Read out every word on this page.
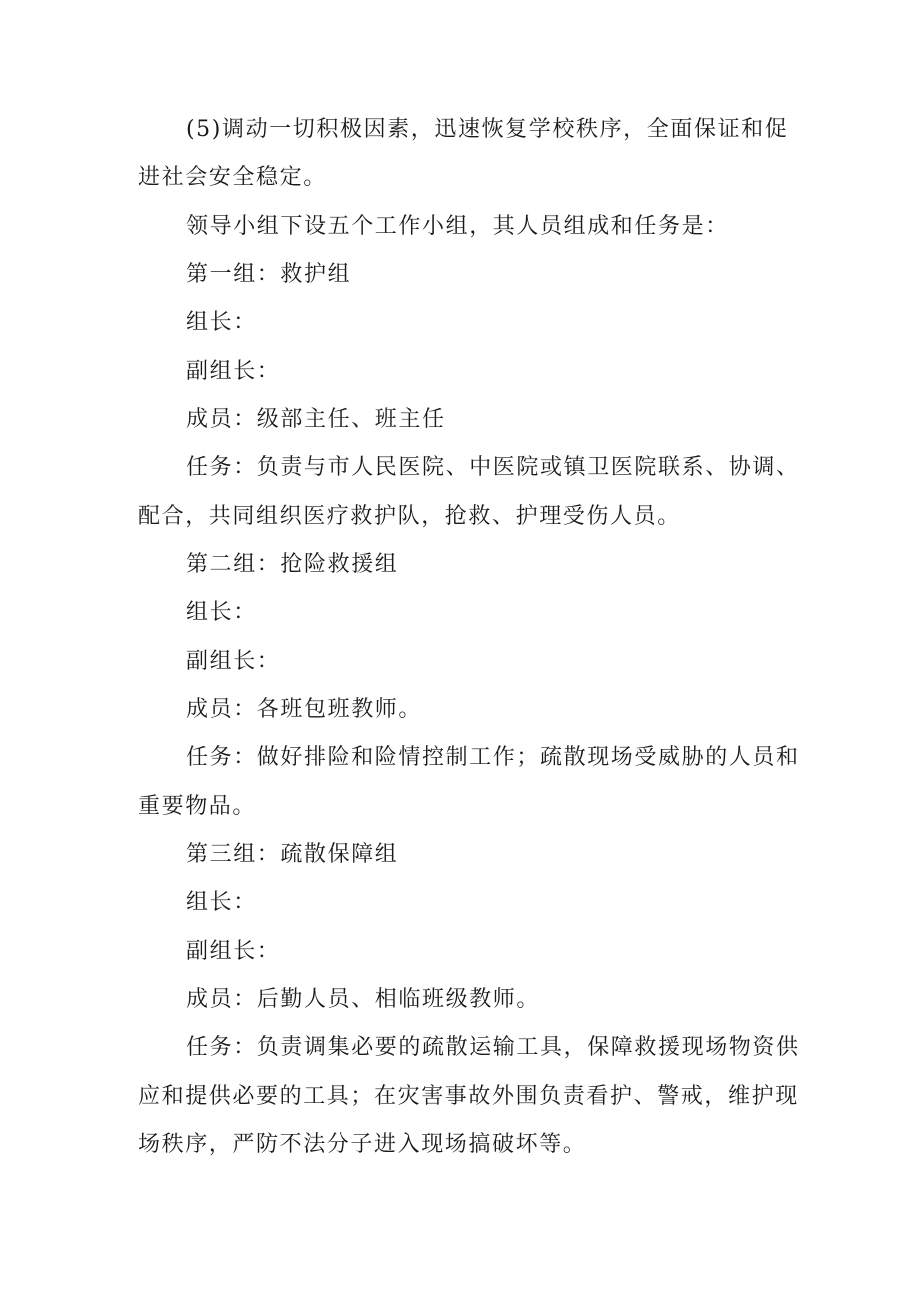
(5)调动一切积极因素，迅速恢复学校秩序，全面保证和促
进社会安全稳定。
领导小组下设五个工作小组，其人员组成和任务是：
第一组：救护组
组长：
副组长：
成员：级部主任、班主任
任务：负责与市人民医院、中医院或镇卫医院联系、协调、
配合，共同组织医疗救护队，抢救、护理受伤人员。
第二组：抢险救援组
组长：
副组长：
成员：各班包班教师。
任务：做好排险和险情控制工作；疏散现场受威胁的人员和
重要物品。
第三组：疏散保障组
组长：
副组长：
成员：后勤人员、相临班级教师。
任务：负责调集必要的疏散运输工具，保障救援现场物资供
应和提供必要的工具；在灾害事故外围负责看护、警戒，维护现
场秩序，严防不法分子进入现场搞破坏等。
